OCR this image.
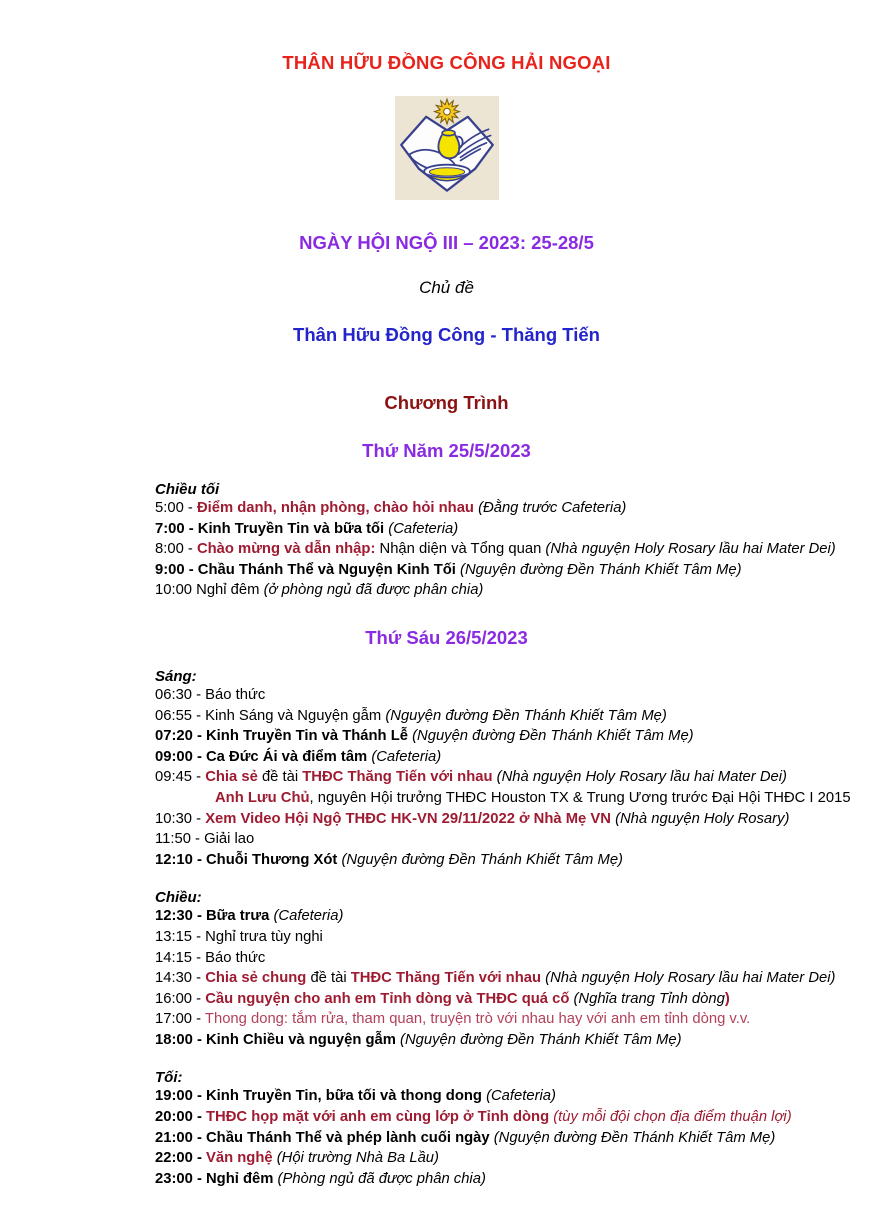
THÂN HỮU ĐỒNG CÔNG HẢI NGOẠI
NGÀY HỘI NGỘ III – 2023: 25-28/5
Chủ đề
Thân Hữu Đồng Công - Thăng Tiến
Chương Trình
Thứ Năm 25/5/2023
Chiều tối
5:00 - Điểm danh, nhận phòng, chào hỏi nhau (Đằng trước Cafeteria)
7:00 - Kinh Truyền Tin và bữa tối (Cafeteria)
8:00 - Chào mừng và dẫn nhập: Nhận diện và Tổng quan (Nhà nguyện Holy Rosary lầu hai Mater Dei)
9:00 - Chầu Thánh Thể và Nguyện Kinh Tối (Nguyện đường Đền Thánh Khiết Tâm Mẹ)
10:00 Nghỉ đêm (ở phòng ngủ đã được phân chia)
Thứ Sáu 26/5/2023
Sáng:
06:30 - Báo thức
06:55 - Kinh Sáng và Nguyện gẫm (Nguyện đường Đền Thánh Khiết Tâm Mẹ)
07:20 - Kinh Truyền Tin và Thánh Lễ (Nguyện đường Đền Thánh Khiết Tâm Mẹ)
09:00 - Ca Đức Ái và điểm tâm (Cafeteria)
09:45 - Chia sẻ đề tài THĐC Thăng Tiến với nhau (Nhà nguyện Holy Rosary lầu hai Mater Dei)
Anh Lưu Chủ, nguyên Hội trưởng THĐC Houston TX & Trung Ương trước Đại Hội THĐC I 2015
10:30 - Xem Video Hội Ngộ THĐC HK-VN 29/11/2022 ở Nhà Mẹ VN (Nhà nguyện Holy Rosary)
11:50 - Giải lao
12:10 - Chuỗi Thương Xót (Nguyện đường Đền Thánh Khiết Tâm Mẹ)
Chiều:
12:30 - Bữa trưa (Cafeteria)
13:15 - Nghỉ trưa tùy nghi
14:15 - Báo thức
14:30 - Chia sẻ chung đề tài THĐC Thăng Tiến với nhau (Nhà nguyện Holy Rosary lầu hai Mater Dei)
16:00 - Cầu nguyện cho anh em Tỉnh dòng và THĐC quá cố (Nghĩa trang Tỉnh dòng)
17:00 - Thong dong: tắm rửa, tham quan, truyện trò với nhau hay với anh em tỉnh dòng v.v.
18:00 - Kinh Chiều và nguyện gẫm (Nguyện đường Đền Thánh Khiết Tâm Mẹ)
Tối:
19:00 - Kinh Truyền Tin, bữa tối và thong dong (Cafeteria)
20:00 - THĐC họp mặt với anh em cùng lớp ở Tỉnh dòng (tùy mỗi đội chọn địa điểm thuận lợi)
21:00 - Chầu Thánh Thể và phép lành cuối ngày (Nguyện đường Đền Thánh Khiết Tâm Mẹ)
22:00 - Văn nghệ (Hội trường Nhà Ba Lầu)
23:00 - Nghỉ đêm (Phòng ngủ đã được phân chia)
